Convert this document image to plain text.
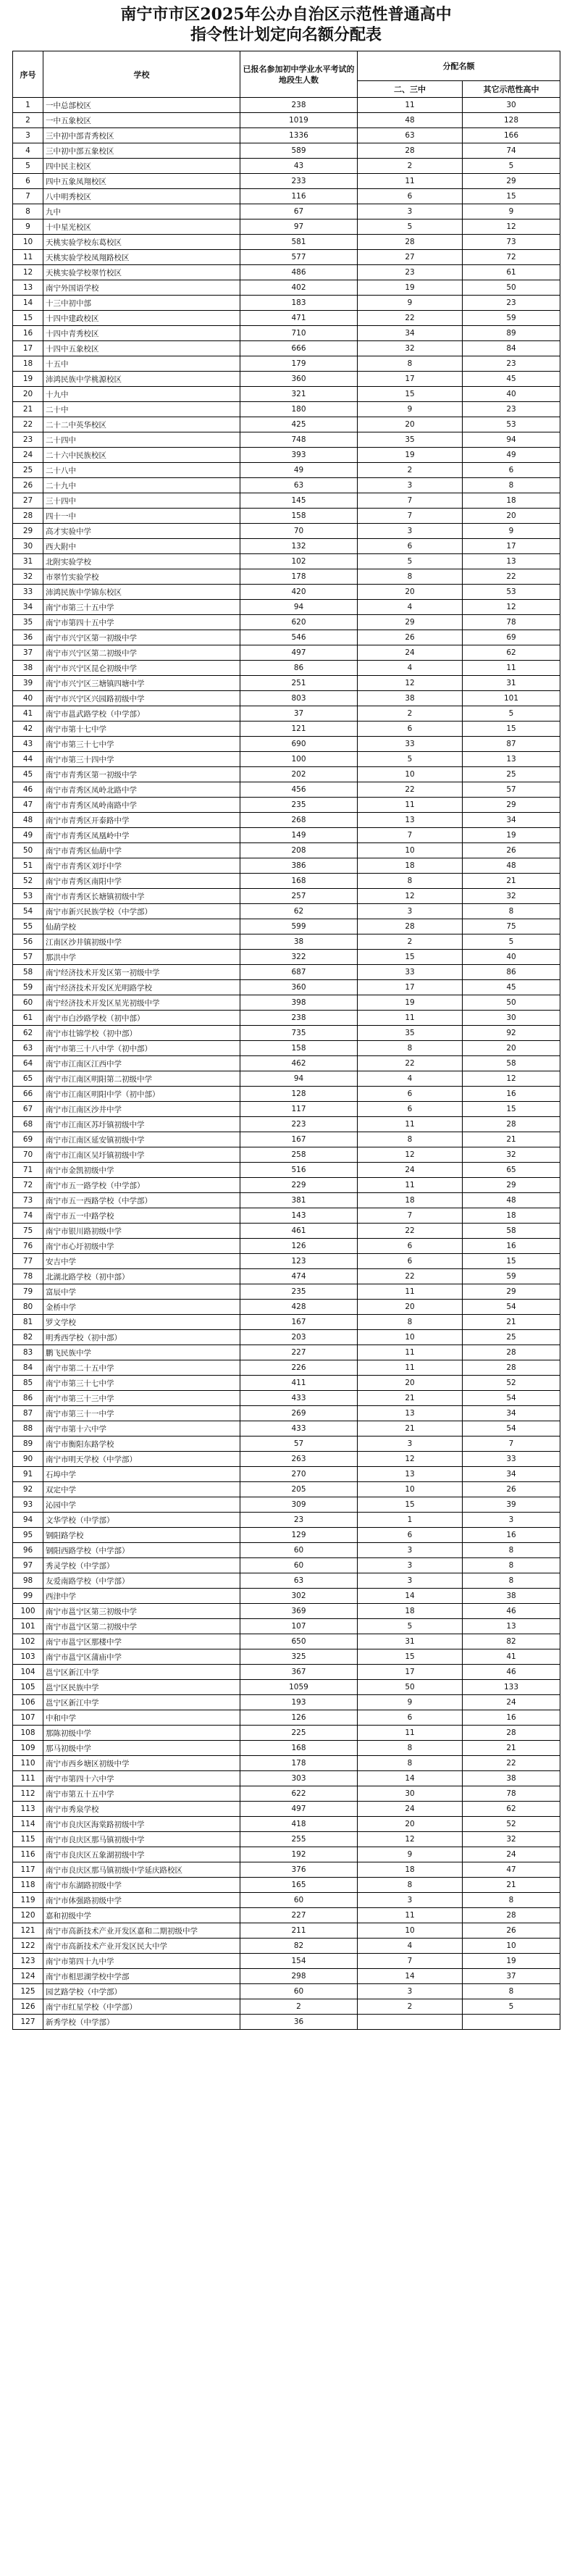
南宁市市区2025年公办自治区示范性普通高中
指令性计划定向名额分配表
序号	学校	已报名参加初中学业水平考试的地段生人数	分配名额	
			二、三中	其它示范性高中
1	一中总部校区	238	11	30
2	一中五象校区	1019	48	128
3	三中初中部青秀校区	1336	63	166
4	三中初中部五象校区	589	28	74
5	四中民主校区	43	2	5
6	四中五象凤翔校区	233	11	29
7	八中明秀校区	116	6	15
8	九中	67	3	9
9	十中星光校区	97	5	12
10	天桃实验学校东葛校区	581	28	73
11	天桃实验学校凤翔路校区	577	27	72
12	天桃实验学校翠竹校区	486	23	61
13	南宁外国语学校	402	19	50
14	十三中初中部	183	9	23
15	十四中建政校区	471	22	59
16	十四中青秀校区	710	34	89
17	十四中五象校区	666	32	84
18	十五中	179	8	23
19	沛鸿民族中学桃源校区	360	17	45
20	十九中	321	15	40
21	二十中	180	9	23
22	二十二中英华校区	425	20	53
23	二十四中	748	35	94
24	二十六中民族校区	393	19	49
25	二十八中	49	2	6
26	二十九中	63	3	8
27	三十四中	145	7	18
28	四十一中	158	7	20
29	高才实验中学	70	3	9
30	西大附中	132	6	17
31	北附实验学校	102	5	13
32	市翠竹实验学校	178	8	22
33	沛鸿民族中学锦东校区	420	20	53
34	南宁市第三十五中学	94	4	12
35	南宁市第四十五中学	620	29	78
36	南宁市兴宁区第一初级中学	546	26	69
37	南宁市兴宁区第二初级中学	497	24	62
38	南宁市兴宁区昆仑初级中学	86	4	11
39	南宁市兴宁区三塘镇四塘中学	251	12	31
40	南宁市兴宁区兴园路初级中学	803	38	101
41	南宁市邕武路学校（中学部）	37	2	5
42	南宁市第十七中学	121	6	15
43	南宁市第三十七中学	690	33	87
44	南宁市第三十四中学	100	5	13
45	南宁市青秀区第一初级中学	202	10	25
46	南宁市青秀区凤岭北路中学	456	22	57
47	南宁市青秀区凤岭南路中学	235	11	29
48	南宁市青秀区开泰路中学	268	13	34
49	南宁市青秀区凤凰岭中学	149	7	19
50	南宁市青秀区仙葫中学	208	10	26
51	南宁市青秀区刘圩中学	386	18	48
52	南宁市青秀区南阳中学	168	8	21
53	南宁市青秀区长塘镇初级中学	257	12	32
54	南宁市新兴民族学校（中学部）	62	3	8
55	仙葫学校	599	28	75
56	江南区沙井镇初级中学	38	2	5
57	那洪中学	322	15	40
58	南宁经济技术开发区第一初级中学	687	33	86
59	南宁经济技术开发区光明路学校	360	17	45
60	南宁经济技术开发区星光初级中学	398	19	50
61	南宁市白沙路学校（初中部）	238	11	30
62	南宁市壮锦学校（初中部）	735	35	92
63	南宁市第三十八中学（初中部）	158	8	20
64	南宁市江南区江西中学	462	22	58
65	南宁市江南区明阳第二初级中学	94	4	12
66	南宁市江南区明阳中学（初中部）	128	6	16
67	南宁市江南区沙井中学	117	6	15
68	南宁市江南区苏圩镇初级中学	223	11	28
69	南宁市江南区延安镇初级中学	167	8	21
70	南宁市江南区吴圩镇初级中学	258	12	32
71	南宁市金凯初级中学	516	24	65
72	南宁市五一路学校（中学部）	229	11	29
73	南宁市五一西路学校（中学部）	381	18	48
74	南宁市五一中路学校	143	7	18
75	南宁市银川路初级中学	461	22	58
76	南宁市心圩初级中学	126	6	16
77	安吉中学	123	6	15
78	北湖北路学校（初中部）	474	22	59
79	富辰中学	235	11	29
80	金桥中学	428	20	54
81	罗文学校	167	8	21
82	明秀西学校（初中部）	203	10	25
83	鹏飞民族中学	227	11	28
84	南宁市第二十五中学	226	11	28
85	南宁市第三十七中学	411	20	52
86	南宁市第三十三中学	433	21	54
87	南宁市第三十一中学	269	13	34
88	南宁市第十六中学	433	21	54
89	南宁市衡阳东路学校	57	3	7
90	南宁市明天学校（中学部）	263	12	33
91	石埠中学	270	13	34
92	双定中学	205	10	26
93	沁园中学	309	15	39
94	文华学校（中学部）	23	1	3
95	钢阳路学校	129	6	16
96	钢阳西路学校（中学部）	60	3	8
97	秀灵学校（中学部）	60	3	8
98	友爱南路学校（中学部）	63	3	8
99	西津中学	302	14	38
100	南宁市邕宁区第三初级中学	369	18	46
101	南宁市邕宁区第二初级中学	107	5	13
102	南宁市邕宁区那楼中学	650	31	82
103	南宁市邕宁区蒲庙中学	325	15	41
104	邕宁区新江中学	367	17	46
105	邕宁区民族中学	1059	50	133
106	邕宁区新江中学	193	9	24
107	中和中学	126	6	16
108	那陈初级中学	225	11	28
109	那马初级中学	168	8	21
110	南宁市西乡塘区初级中学	178	8	22
111	南宁市第四十六中学	303	14	38
112	南宁市第五十五中学	622	30	78
113	南宁市秀泉学校	497	24	62
114	南宁市良庆区海棠路初级中学	418	20	52
115	南宁市良庆区那马镇初级中学	255	12	32
116	南宁市良庆区五象湖初级中学	192	9	24
117	南宁市良庆区那马镇初级中学延庆路校区	376	18	47
118	南宁市东湖路初级中学	165	8	21
119	南宁市体强路初级中学	60	3	8
120	嘉和初级中学	227	11	28
121	南宁市高新技术产业开发区嘉和二期初级中学	211	10	26
122	南宁市高新技术产业开发区民大中学	82	4	10
123	南宁市第四十九中学	154	7	19
124	南宁市相思湖学校中学部	298	14	37
125	园艺路学校（中学部）	60	3	8
126	南宁市红星学校（中学部）	2	2	5
127	新秀学校（中学部）	36		
